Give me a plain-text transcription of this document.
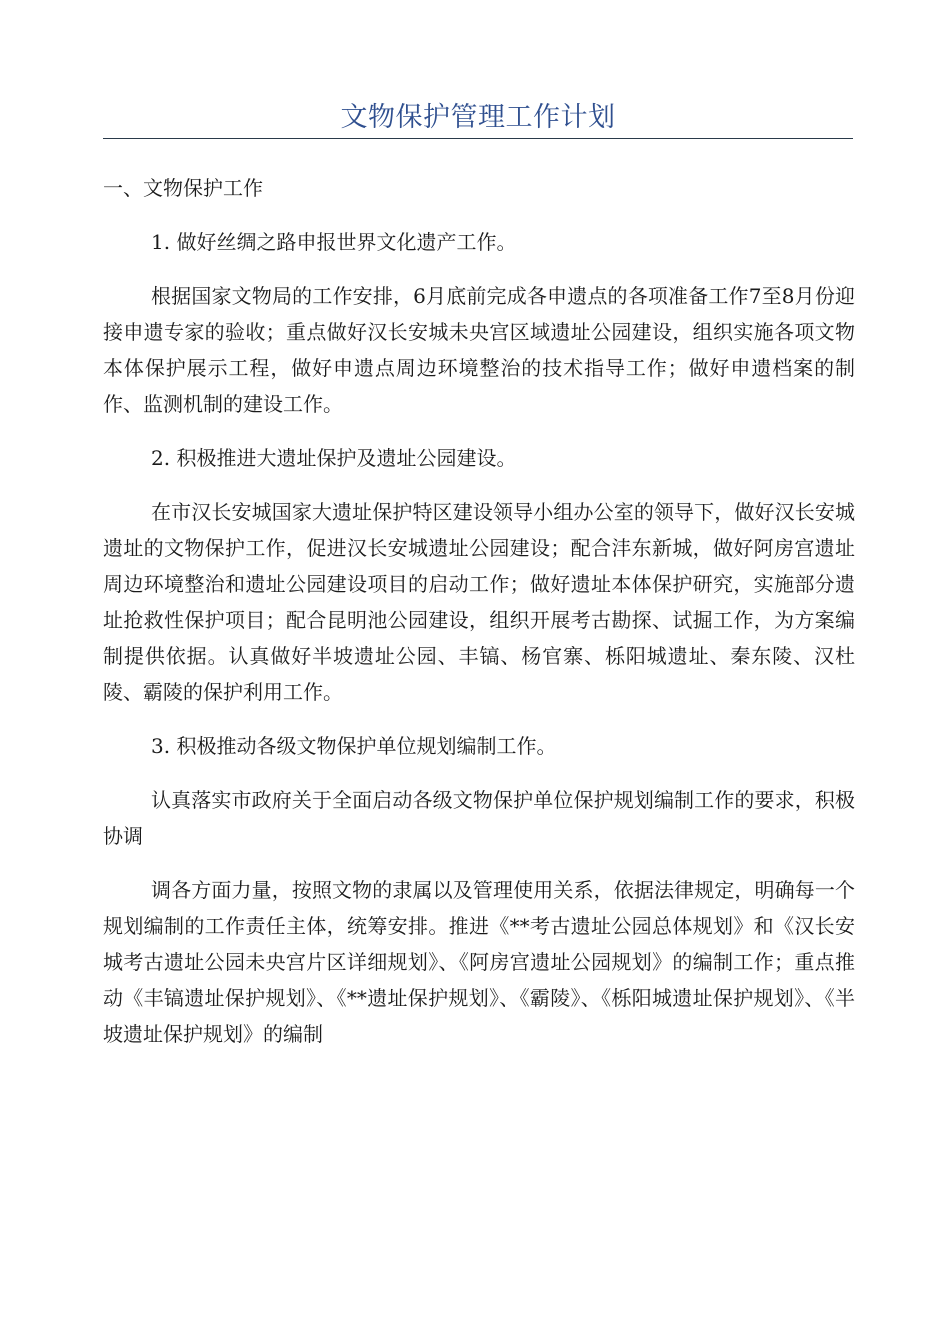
文物保护管理工作计划

一、文物保护工作

1. 做好丝绸之路申报世界文化遗产工作。

根据国家文物局的工作安排，6月底前完成各申遗点的各项准备工作7至8月份迎接申遗专家的验收；重点做好汉长安城未央宫区域遗址公园建设，组织实施各项文物本体保护展示工程，做好申遗点周边环境整治的技术指导工作；做好申遗档案的制作、监测机制的建设工作。

2. 积极推进大遗址保护及遗址公园建设。

在市汉长安城国家大遗址保护特区建设领导小组办公室的领导下，做好汉长安城遗址的文物保护工作，促进汉长安城遗址公园建设；配合沣东新城，做好阿房宫遗址周边环境整治和遗址公园建设项目的启动工作；做好遗址本体保护研究，实施部分遗址抢救性保护项目；配合昆明池公园建设，组织开展考古勘探、试掘工作，为方案编制提供依据。认真做好半坡遗址公园、丰镐、杨官寨、栎阳城遗址、秦东陵、汉杜陵、霸陵的保护利用工作。

3. 积极推动各级文物保护单位规划编制工作。

认真落实市政府关于全面启动各级文物保护单位保护规划编制工作的要求，积极协调

调各方面力量，按照文物的隶属以及管理使用关系，依据法律规定，明确每一个规划编制的工作责任主体，统筹安排。推进《**考古遗址公园总体规划》和《汉长安城考古遗址公园未央宫片区详细规划》、《阿房宫遗址公园规划》的编制工作；重点推动《丰镐遗址保护规划》、《**遗址保护规划》、《霸陵》、《栎阳城遗址保护规划》、《半坡遗址保护规划》的编制
